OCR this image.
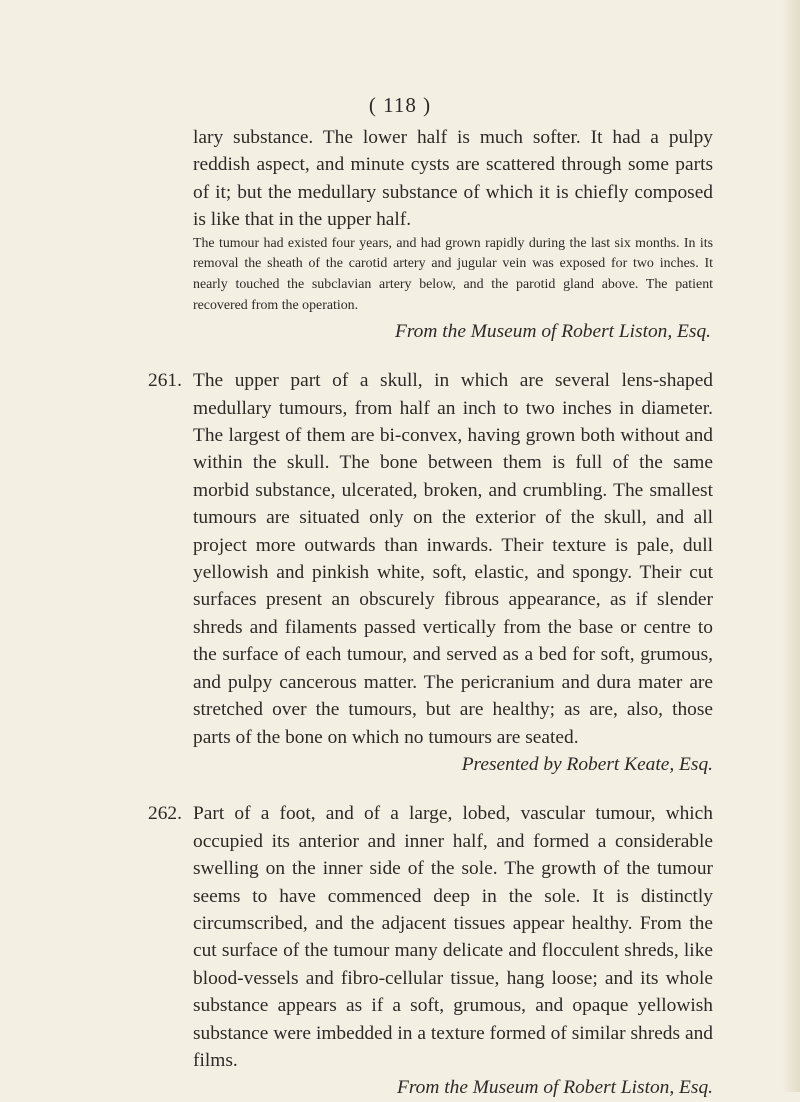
( 118 )

lary substance. The lower half is much softer. It had a pulpy reddish aspect, and minute cysts are scattered through some parts of it; but the medullary substance of which it is chiefly composed is like that in the upper half.

The tumour had existed four years, and had grown rapidly during the last six months. In its removal the sheath of the carotid artery and jugular vein was exposed for two inches. It nearly touched the subclavian artery below, and the parotid gland above. The patient recovered from the operation.

From the Museum of Robert Liston, Esq.

261. The upper part of a skull, in which are several lens-shaped medullary tumours, from half an inch to two inches in diameter. The largest of them are bi-convex, having grown both without and within the skull. The bone between them is full of the same morbid substance, ulcerated, broken, and crumbling. The smallest tumours are situated only on the exterior of the skull, and all project more outwards than inwards. Their texture is pale, dull yellowish and pinkish white, soft, elastic, and spongy. Their cut surfaces present an obscurely fibrous appearance, as if slender shreds and filaments passed vertically from the base or centre to the surface of each tumour, and served as a bed for soft, grumous, and pulpy cancerous matter. The pericranium and dura mater are stretched over the tumours, but are healthy; as are, also, those parts of the bone on which no tumours are seated.

Presented by Robert Keate, Esq.

262. Part of a foot, and of a large, lobed, vascular tumour, which occupied its anterior and inner half, and formed a considerable swelling on the inner side of the sole. The growth of the tumour seems to have commenced deep in the sole. It is distinctly circumscribed, and the adjacent tissues appear healthy. From the cut surface of the tumour many delicate and flocculent shreds, like blood-vessels and fibro-cellular tissue, hang loose; and its whole substance appears as if a soft, grumous, and opaque yellowish substance were imbedded in a texture formed of similar shreds and films.

From the Museum of Robert Liston, Esq.
